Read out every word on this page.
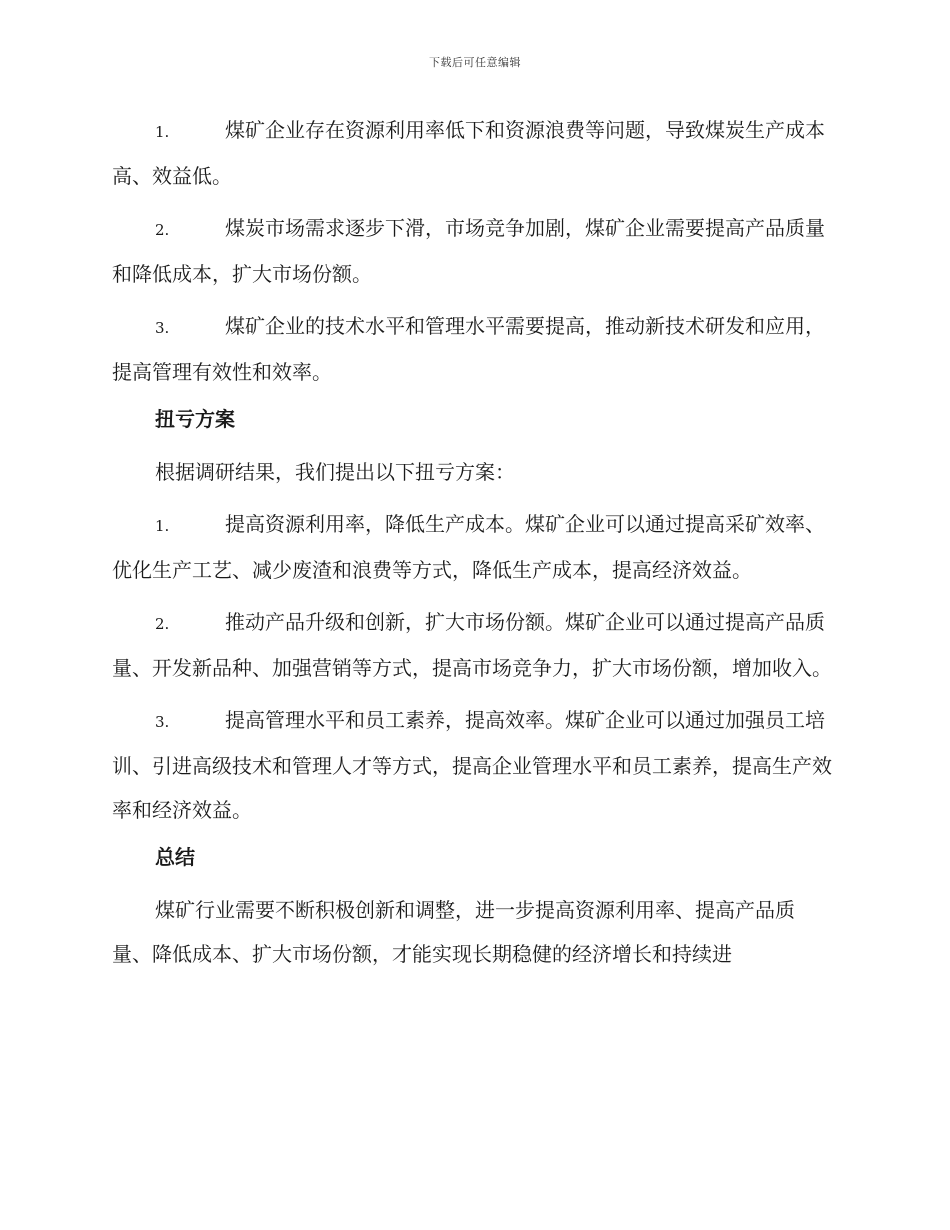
下载后可任意编辑

1.	煤矿企业存在资源利用率低下和资源浪费等问题，导致煤炭生产成本高、效益低。

2.	煤炭市场需求逐步下滑，市场竞争加剧，煤矿企业需要提高产品质量和降低成本，扩大市场份额。

3.	煤矿企业的技术水平和管理水平需要提高，推动新技术研发和应用，提高管理有效性和效率。

扭亏方案

根据调研结果，我们提出以下扭亏方案：

1.	提高资源利用率，降低生产成本。煤矿企业可以通过提高采矿效率、优化生产工艺、减少废渣和浪费等方式，降低生产成本，提高经济效益。

2.	推动产品升级和创新，扩大市场份额。煤矿企业可以通过提高产品质量、开发新品种、加强营销等方式，提高市场竞争力，扩大市场份额，增加收入。

3.	提高管理水平和员工素养，提高效率。煤矿企业可以通过加强员工培训、引进高级技术和管理人才等方式，提高企业管理水平和员工素养，提高生产效率和经济效益。

总结

煤矿行业需要不断积极创新和调整，进一步提高资源利用率、提高产品质量、降低成本、扩大市场份额，才能实现长期稳健的经济增长和持续进
